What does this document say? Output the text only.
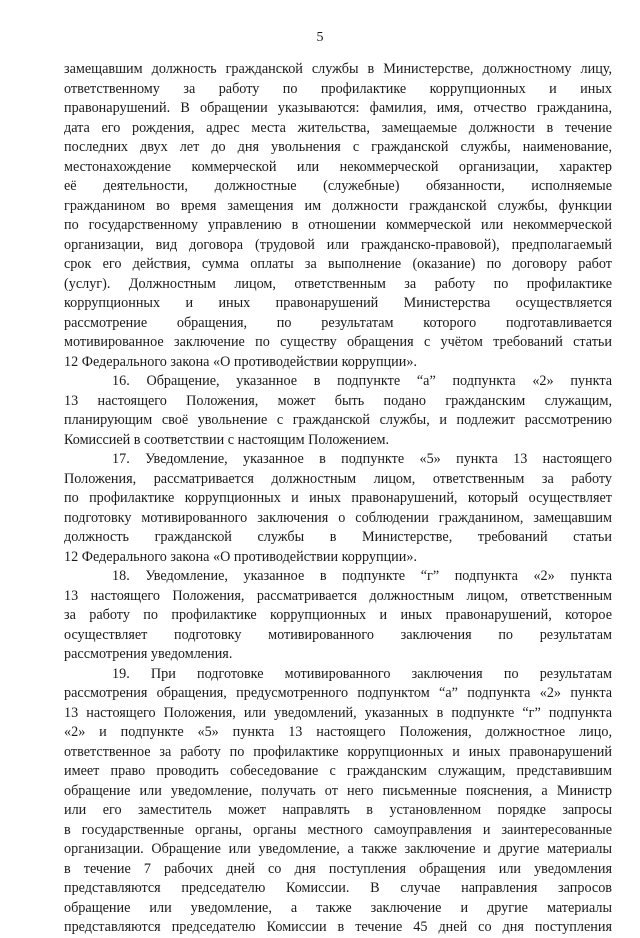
5
замещавшим должность гражданской службы в Министерстве, должностному лицу,
ответственному за работу по профилактике коррупционных и иных
правонарушений. В обращении указываются: фамилия, имя, отчество гражданина,
дата его рождения, адрес места жительства, замещаемые должности в течение
последних двух лет до дня увольнения с гражданской службы, наименование,
местонахождение коммерческой или некоммерческой организации, характер
её деятельности, должностные (служебные) обязанности, исполняемые
гражданином во время замещения им должности гражданской службы, функции
по государственному управлению в отношении коммерческой или некоммерческой
организации, вид договора (трудовой или гражданско-правовой), предполагаемый
срок его действия, сумма оплаты за выполнение (оказание) по договору работ
(услуг). Должностным лицом, ответственным за работу по профилактике
коррупционных и иных правонарушений Министерства осуществляется
рассмотрение обращения, по результатам которого подготавливается
мотивированное заключение по существу обращения с учётом требований статьи
12 Федерального закона «О противодействии коррупции».
16. Обращение, указанное в подпункте “а” подпункта «2» пункта
13 настоящего Положения, может быть подано гражданским служащим,
планирующим своё увольнение с гражданской службы, и подлежит рассмотрению
Комиссией в соответствии с настоящим Положением.
17. Уведомление, указанное в подпункте «5» пункта 13 настоящего
Положения, рассматривается должностным лицом, ответственным за работу
по профилактике коррупционных и иных правонарушений, который осуществляет
подготовку мотивированного заключения о соблюдении гражданином, замещавшим
должность гражданской службы в Министерстве, требований статьи
12 Федерального закона «О противодействии коррупции».
18. Уведомление, указанное в подпункте “г” подпункта «2» пункта
13 настоящего Положения, рассматривается должностным лицом, ответственным
за работу по профилактике коррупционных и иных правонарушений, которое
осуществляет подготовку мотивированного заключения по результатам
рассмотрения уведомления.
19. При подготовке мотивированного заключения по результатам
рассмотрения обращения, предусмотренного подпунктом “а” подпункта «2» пункта
13 настоящего Положения, или уведомлений, указанных в подпункте “г” подпункта
«2» и подпункте «5» пункта 13 настоящего Положения, должностное лицо,
ответственное за работу по профилактике коррупционных и иных правонарушений
имеет право проводить собеседование с гражданским служащим, представившим
обращение или уведомление, получать от него письменные пояснения, а Министр
или его заместитель может направлять в установленном порядке запросы
в государственные органы, органы местного самоуправления и заинтересованные
организации. Обращение или уведомление, а также заключение и другие материалы
в течение 7 рабочих дней со дня поступления обращения или уведомления
представляются председателю Комиссии. В случае направления запросов
обращение или уведомление, а также заключение и другие материалы
представляются председателю Комиссии в течение 45 дней со дня поступления
